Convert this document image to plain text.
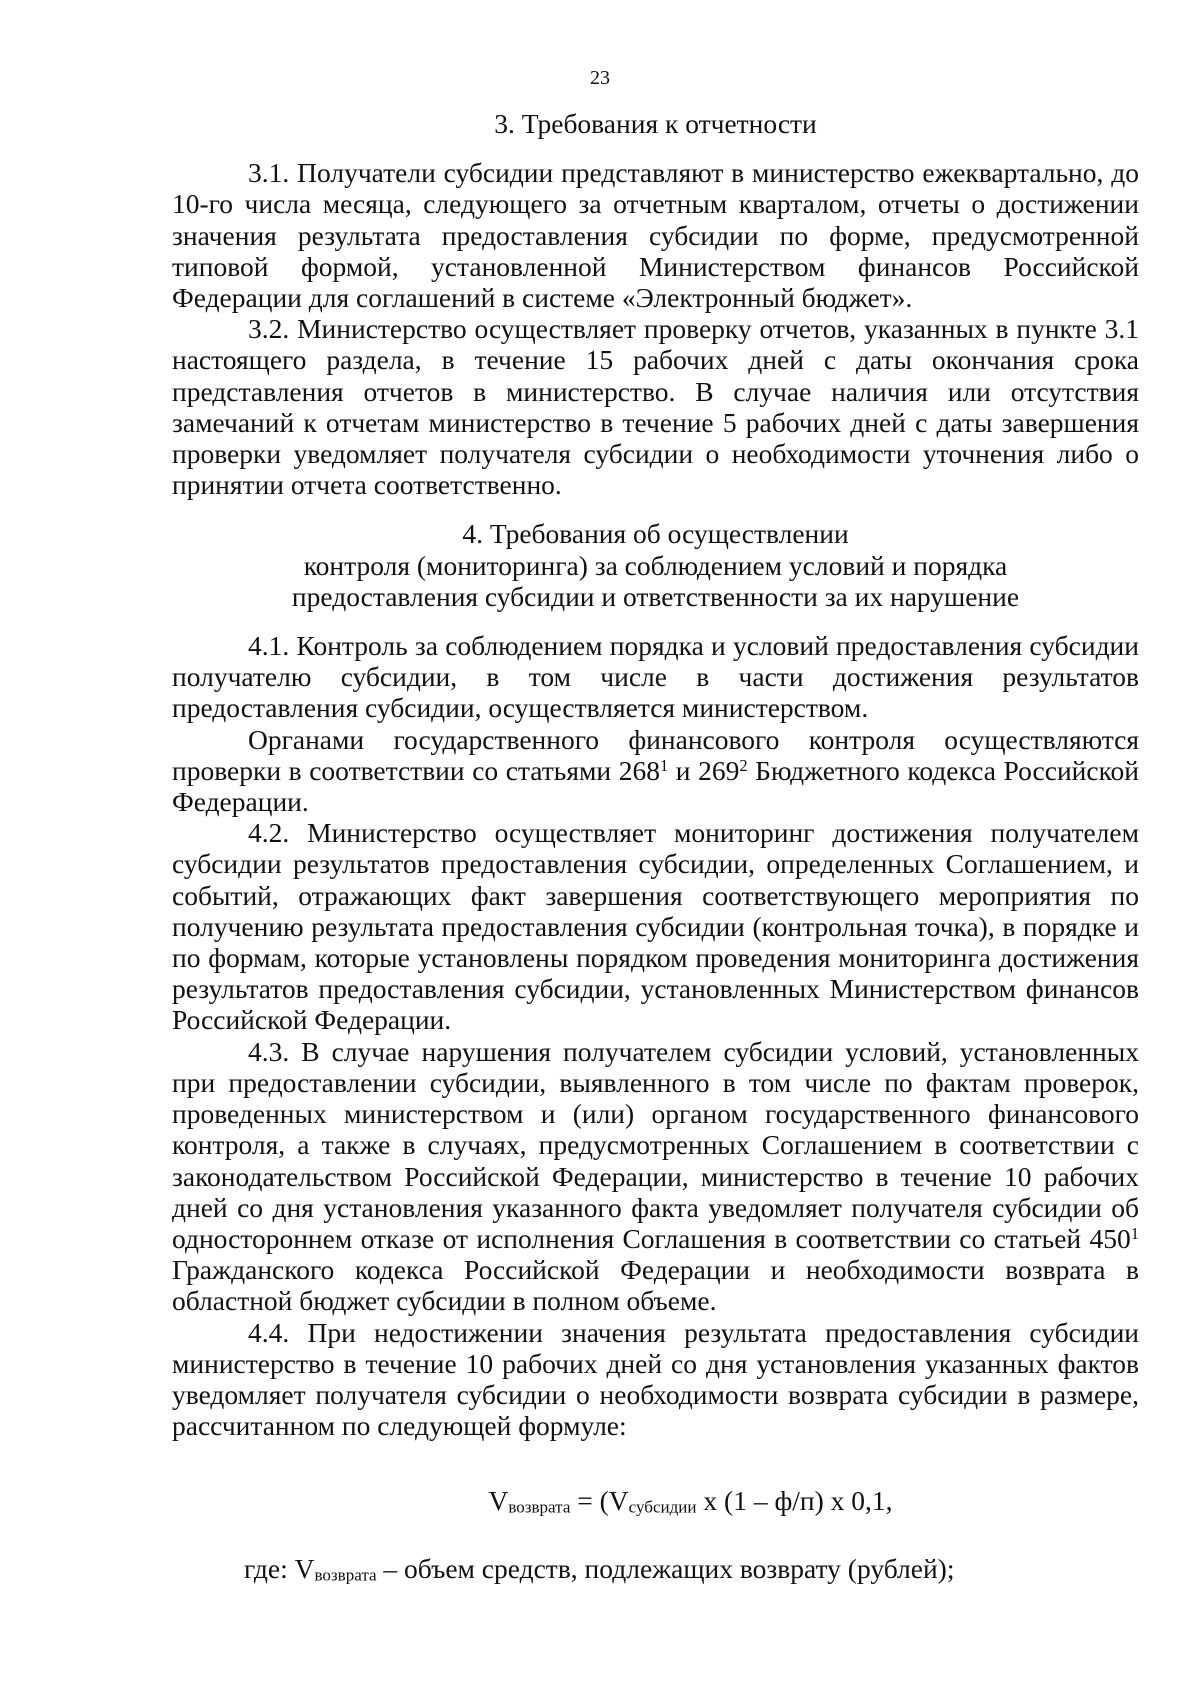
23

3. Требования к отчетности

3.1. Получатели субсидии представляют в министерство ежеквартально, до 10-го числа месяца, следующего за отчетным кварталом, отчеты о достижении значения результата предоставления субсидии по форме, предусмотренной типовой формой, установленной Министерством финансов Российской Федерации для соглашений в системе «Электронный бюджет».

3.2. Министерство осуществляет проверку отчетов, указанных в пункте 3.1 настоящего раздела, в течение 15 рабочих дней с даты окончания срока представления отчетов в министерство. В случае наличия или отсутствия замечаний к отчетам министерство в течение 5 рабочих дней с даты завершения проверки уведомляет получателя субсидии о необходимости уточнения либо о принятии отчета соответственно.

4. Требования об осуществлении
контроля (мониторинга) за соблюдением условий и порядка
предоставления субсидии и ответственности за их нарушение

4.1. Контроль за соблюдением порядка и условий предоставления субсидии получателю субсидии, в том числе в части достижения результатов предоставления субсидии, осуществляется министерством.

Органами государственного финансового контроля осуществляются проверки в соответствии со статьями $268^1$ и $269^2$ Бюджетного кодекса Российской Федерации.

4.2. Министерство осуществляет мониторинг достижения получателем субсидии результатов предоставления субсидии, определенных Соглашением, и событий, отражающих факт завершения соответствующего мероприятия по получению результата предоставления субсидии (контрольная точка), в порядке и по формам, которые установлены порядком проведения мониторинга достижения результатов предоставления субсидии, установленных Министерством финансов Российской Федерации.

4.3. В случае нарушения получателем субсидии условий, установленных при предоставлении субсидии, выявленного в том числе по фактам проверок, проведенных министерством и (или) органом государственного финансового контроля, а также в случаях, предусмотренных Соглашением в соответствии с законодательством Российской Федерации, министерство в течение 10 рабочих дней со дня установления указанного факта уведомляет получателя субсидии об одностороннем отказе от исполнения Соглашения в соответствии со статьей $450^1$ Гражданского кодекса Российской Федерации и необходимости возврата в областной бюджет субсидии в полном объеме.

4.4. При недостижении значения результата предоставления субсидии министерство в течение 10 рабочих дней со дня установления указанных фактов уведомляет получателя субсидии о необходимости возврата субсидии в размере, рассчитанном по следующей формуле:

$V_{возврата} = (V_{субсидии}$ x (1 – ф/п) x 0,1,

где: $V_{возврата}$ – объем средств, подлежащих возврату (рублей);
